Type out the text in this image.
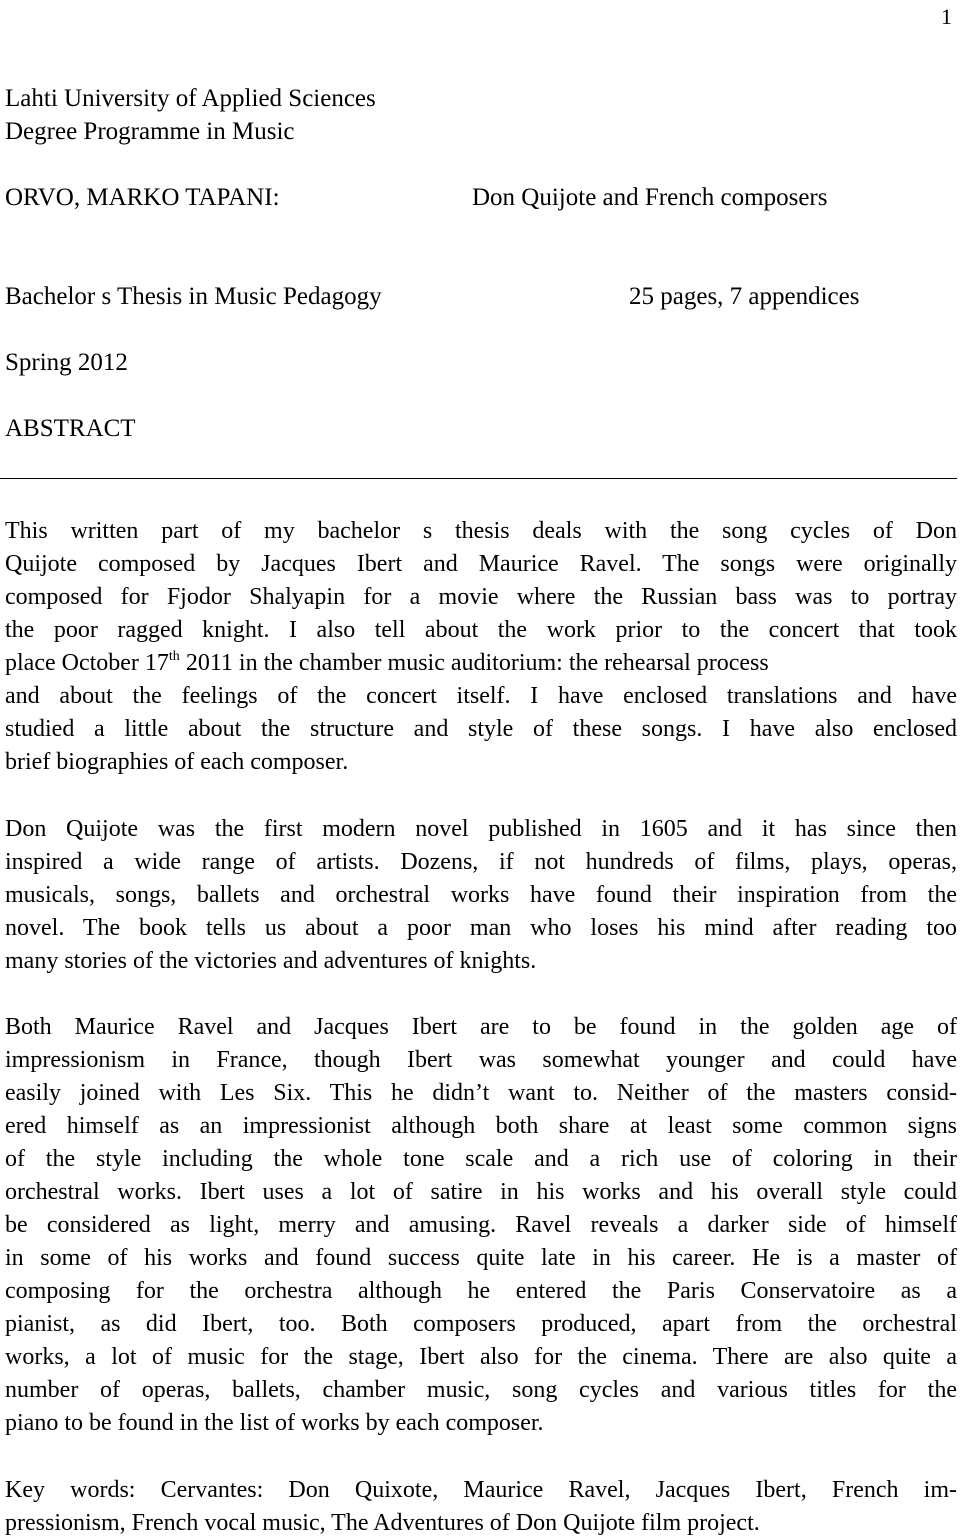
1
Lahti University of Applied Sciences
Degree Programme in Music
ORVO, MARKO TAPANI:	Don Quijote and French composers
Bachelor s Thesis in Music Pedagogy	25 pages, 7 appendices
Spring 2012
ABSTRACT
This written part of my bachelor s thesis deals with the song cycles of Don
Quijote composed by Jacques Ibert and Maurice Ravel. The songs were originally
composed for Fjodor Shalyapin for a movie where the Russian bass was to portray
the poor ragged knight. I also tell about the work prior to the concert that took
place October 17th 2011 in the chamber music auditorium: the rehearsal process
and about the feelings of the concert itself. I have enclosed translations and have
studied a little about the structure and style of these songs. I have also enclosed
brief biographies of each composer.
Don Quijote was the first modern novel published in 1605 and it has since then
inspired a wide range of artists. Dozens, if not hundreds of films, plays, operas,
musicals, songs, ballets and orchestral works have found their inspiration from the
novel. The book tells us about a poor man who loses his mind after reading too
many stories of the victories and adventures of knights.
Both Maurice Ravel and Jacques Ibert are to be found in the golden age of
impressionism in France, though Ibert was somewhat younger and could have
easily joined with Les Six. This he didn’t want to. Neither of the masters consid-
ered himself as an impressionist although both share at least some common signs
of the style including the whole tone scale and a rich use of coloring in their
orchestral works. Ibert uses a lot of satire in his works and his overall style could
be considered as light, merry and amusing. Ravel reveals a darker side of himself
in some of his works and found success quite late in his career. He is a master of
composing for the orchestra although he entered the Paris Conservatoire as a
pianist, as did Ibert, too. Both composers produced, apart from the orchestral
works, a lot of music for the stage, Ibert also for the cinema. There are also quite a
number of operas, ballets, chamber music, song cycles and various titles for the
piano to be found in the list of works by each composer.
Key words: Cervantes: Don Quixote, Maurice Ravel, Jacques Ibert, French im-
pressionism, French vocal music, The Adventures of Don Quijote film project.
